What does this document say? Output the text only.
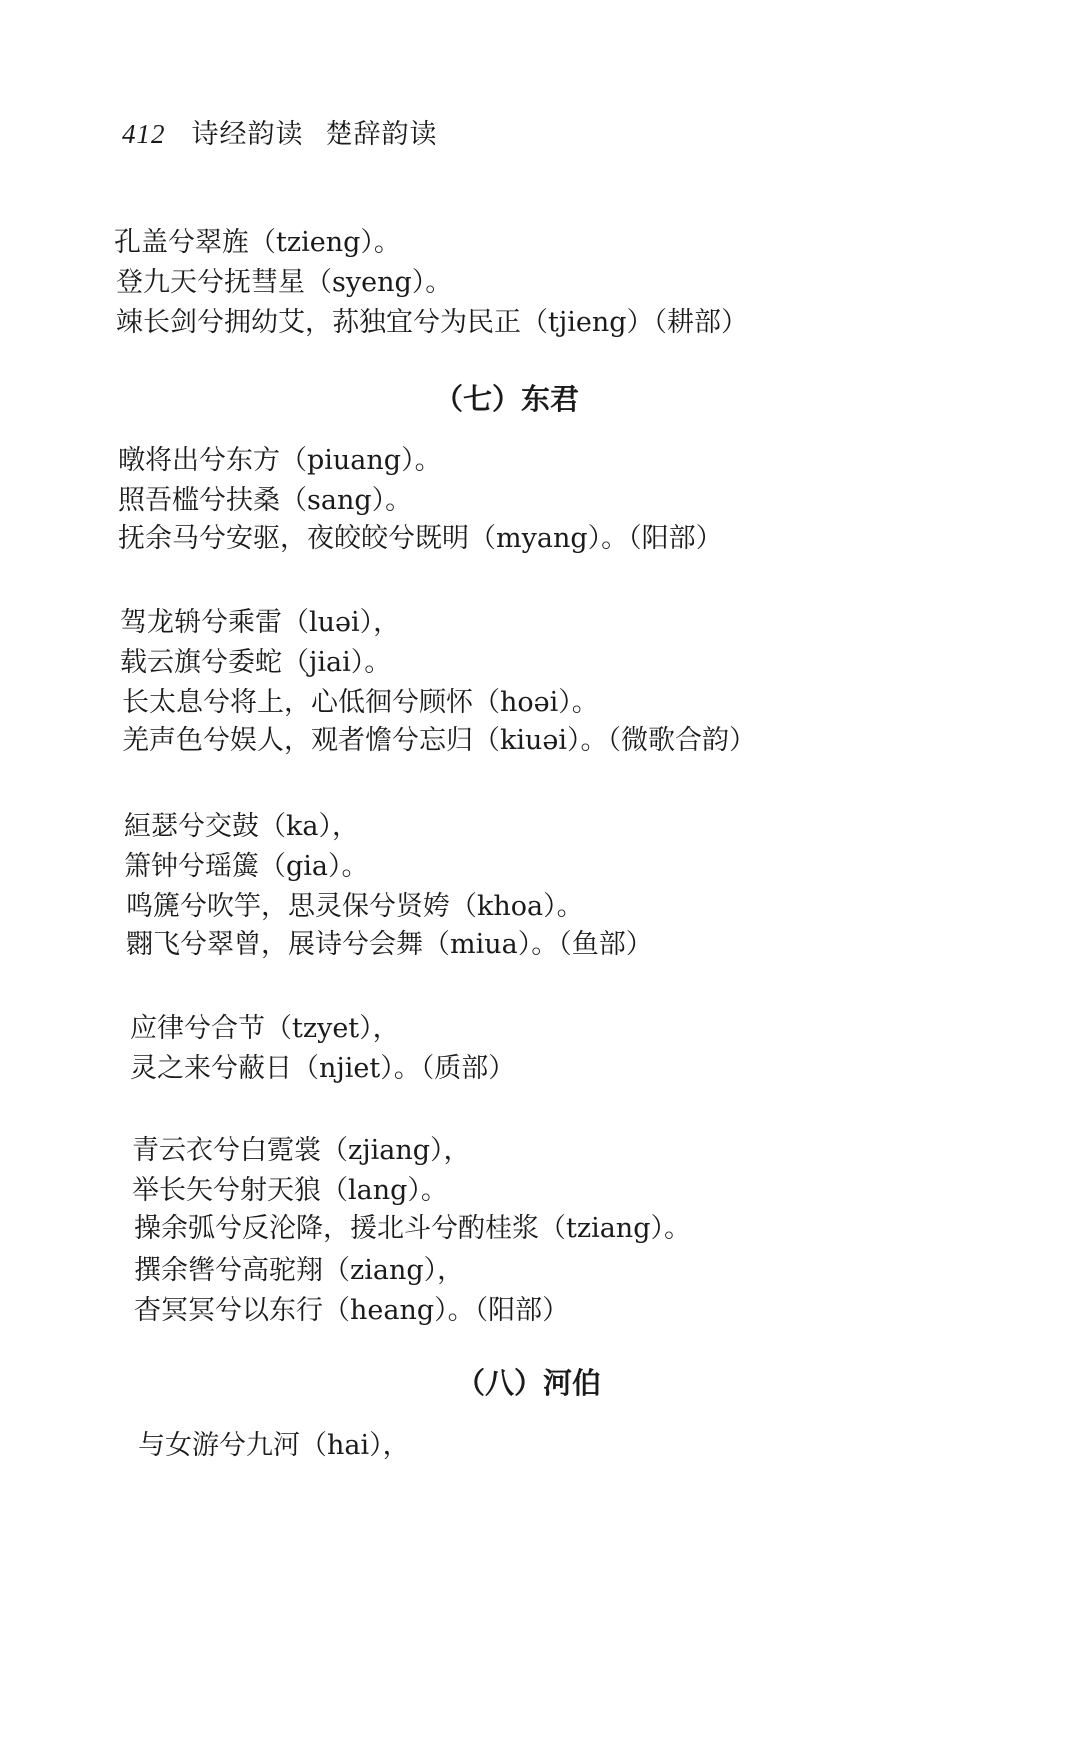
412 诗经韵读 楚辞韵读
孔盖兮翠旌（tzieng）。
登九天兮抚彗星（syeng）。
竦长剑兮拥幼艾，荪独宜兮为民正（tjieng）（耕部）
（七）东君
暾将出兮东方（piuang）。
照吾槛兮扶桑（sang）。
抚余马兮安驱，夜皎皎兮既明（myang）。（阳部）
驾龙辀兮乘雷（luəi），
载云旗兮委蛇（jiai）。
长太息兮将上，心低徊兮顾怀（hoəi）。
羌声色兮娱人，观者憺兮忘归（kiuəi）。（微歌合韵）
絙瑟兮交鼓（ka），
箫钟兮瑶簴（gia）。
鸣篪兮吹竽，思灵保兮贤姱（khoa）。
翾飞兮翠曾，展诗兮会舞（miua）。（鱼部）
应律兮合节（tzyet），
灵之来兮蔽日（njiet）。（质部）
青云衣兮白霓裳（zjiang），
举长矢兮射天狼（lang）。
操余弧兮反沦降，援北斗兮酌桂浆（tziang）。
撰余辔兮高驼翔（ziang），
杳冥冥兮以东行（heang）。（阳部）
（八）河伯
与女游兮九河（hai），
